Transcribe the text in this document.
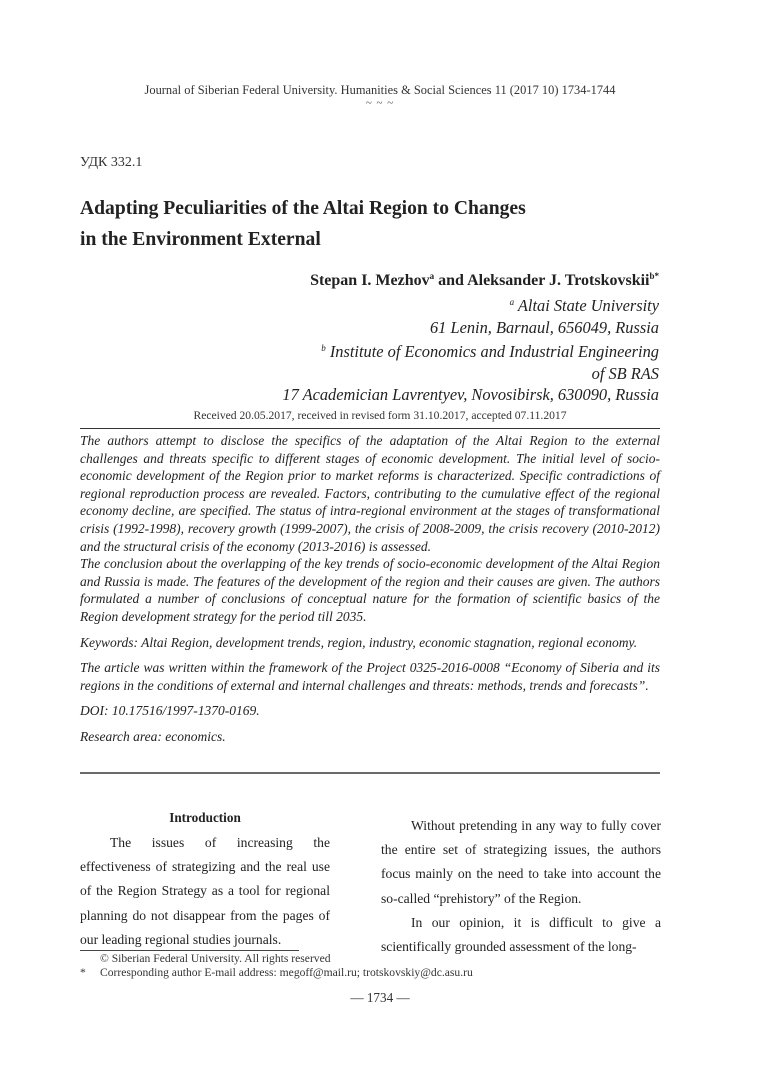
Journal of Siberian Federal University. Humanities & Social Sciences 11 (2017 10) 1734-1744
~ ~ ~
УДК 332.1
Adapting Peculiarities of the Altai Region to Changes
in the Environment External
Stepan I. Mezhov$^a$ and Aleksander J. Trotskovskii$^{b*}$
$^a$ Altai State University
61 Lenin, Barnaul, 656049, Russia
$^b$ Institute of Economics and Industrial Engineering
of SB RAS
17 Academician Lavrentyev, Novosibirsk, 630090, Russia
Received 20.05.2017, received in revised form 31.10.2017, accepted 07.11.2017

The authors attempt to disclose the specifics of the adaptation of the Altai Region to the external challenges and threats specific to different stages of economic development. The initial level of socio-economic development of the Region prior to market reforms is characterized. Specific contradictions of regional reproduction process are revealed. Factors, contributing to the cumulative effect of the regional economy decline, are specified. The status of intra-regional environment at the stages of transformational crisis (1992-1998), recovery growth (1999-2007), the crisis of 2008-2009, the crisis recovery (2010-2012) and the structural crisis of the economy (2013-2016) is assessed.

The conclusion about the overlapping of the key trends of socio-economic development of the Altai Region and Russia is made. The features of the development of the region and their causes are given. The authors formulated a number of conclusions of conceptual nature for the formation of scientific basics of the Region development strategy for the period till 2035.

Keywords: Altai Region, development trends, region, industry, economic stagnation, regional economy.

The article was written within the framework of the Project 0325-2016-0008 “Economy of Siberia and its regions in the conditions of external and internal challenges and threats: methods, trends and forecasts”.

DOI: 10.17516/1997-1370-0169.

Research area: economics.

Introduction

The issues of increasing the effectiveness of strategizing and the real use of the Region Strategy as a tool for regional planning do not disappear from the pages of our leading regional studies journals.

Without pretending in any way to fully cover the entire set of strategizing issues, the authors focus mainly on the need to take into account the so-called “prehistory” of the Region.

In our opinion, it is difficult to give a scientifically grounded assessment of the long-

© Siberian Federal University. All rights reserved
* Corresponding author E-mail address: megoff@mail.ru; trotskovskiy@dc.asu.ru
— 1734 —
